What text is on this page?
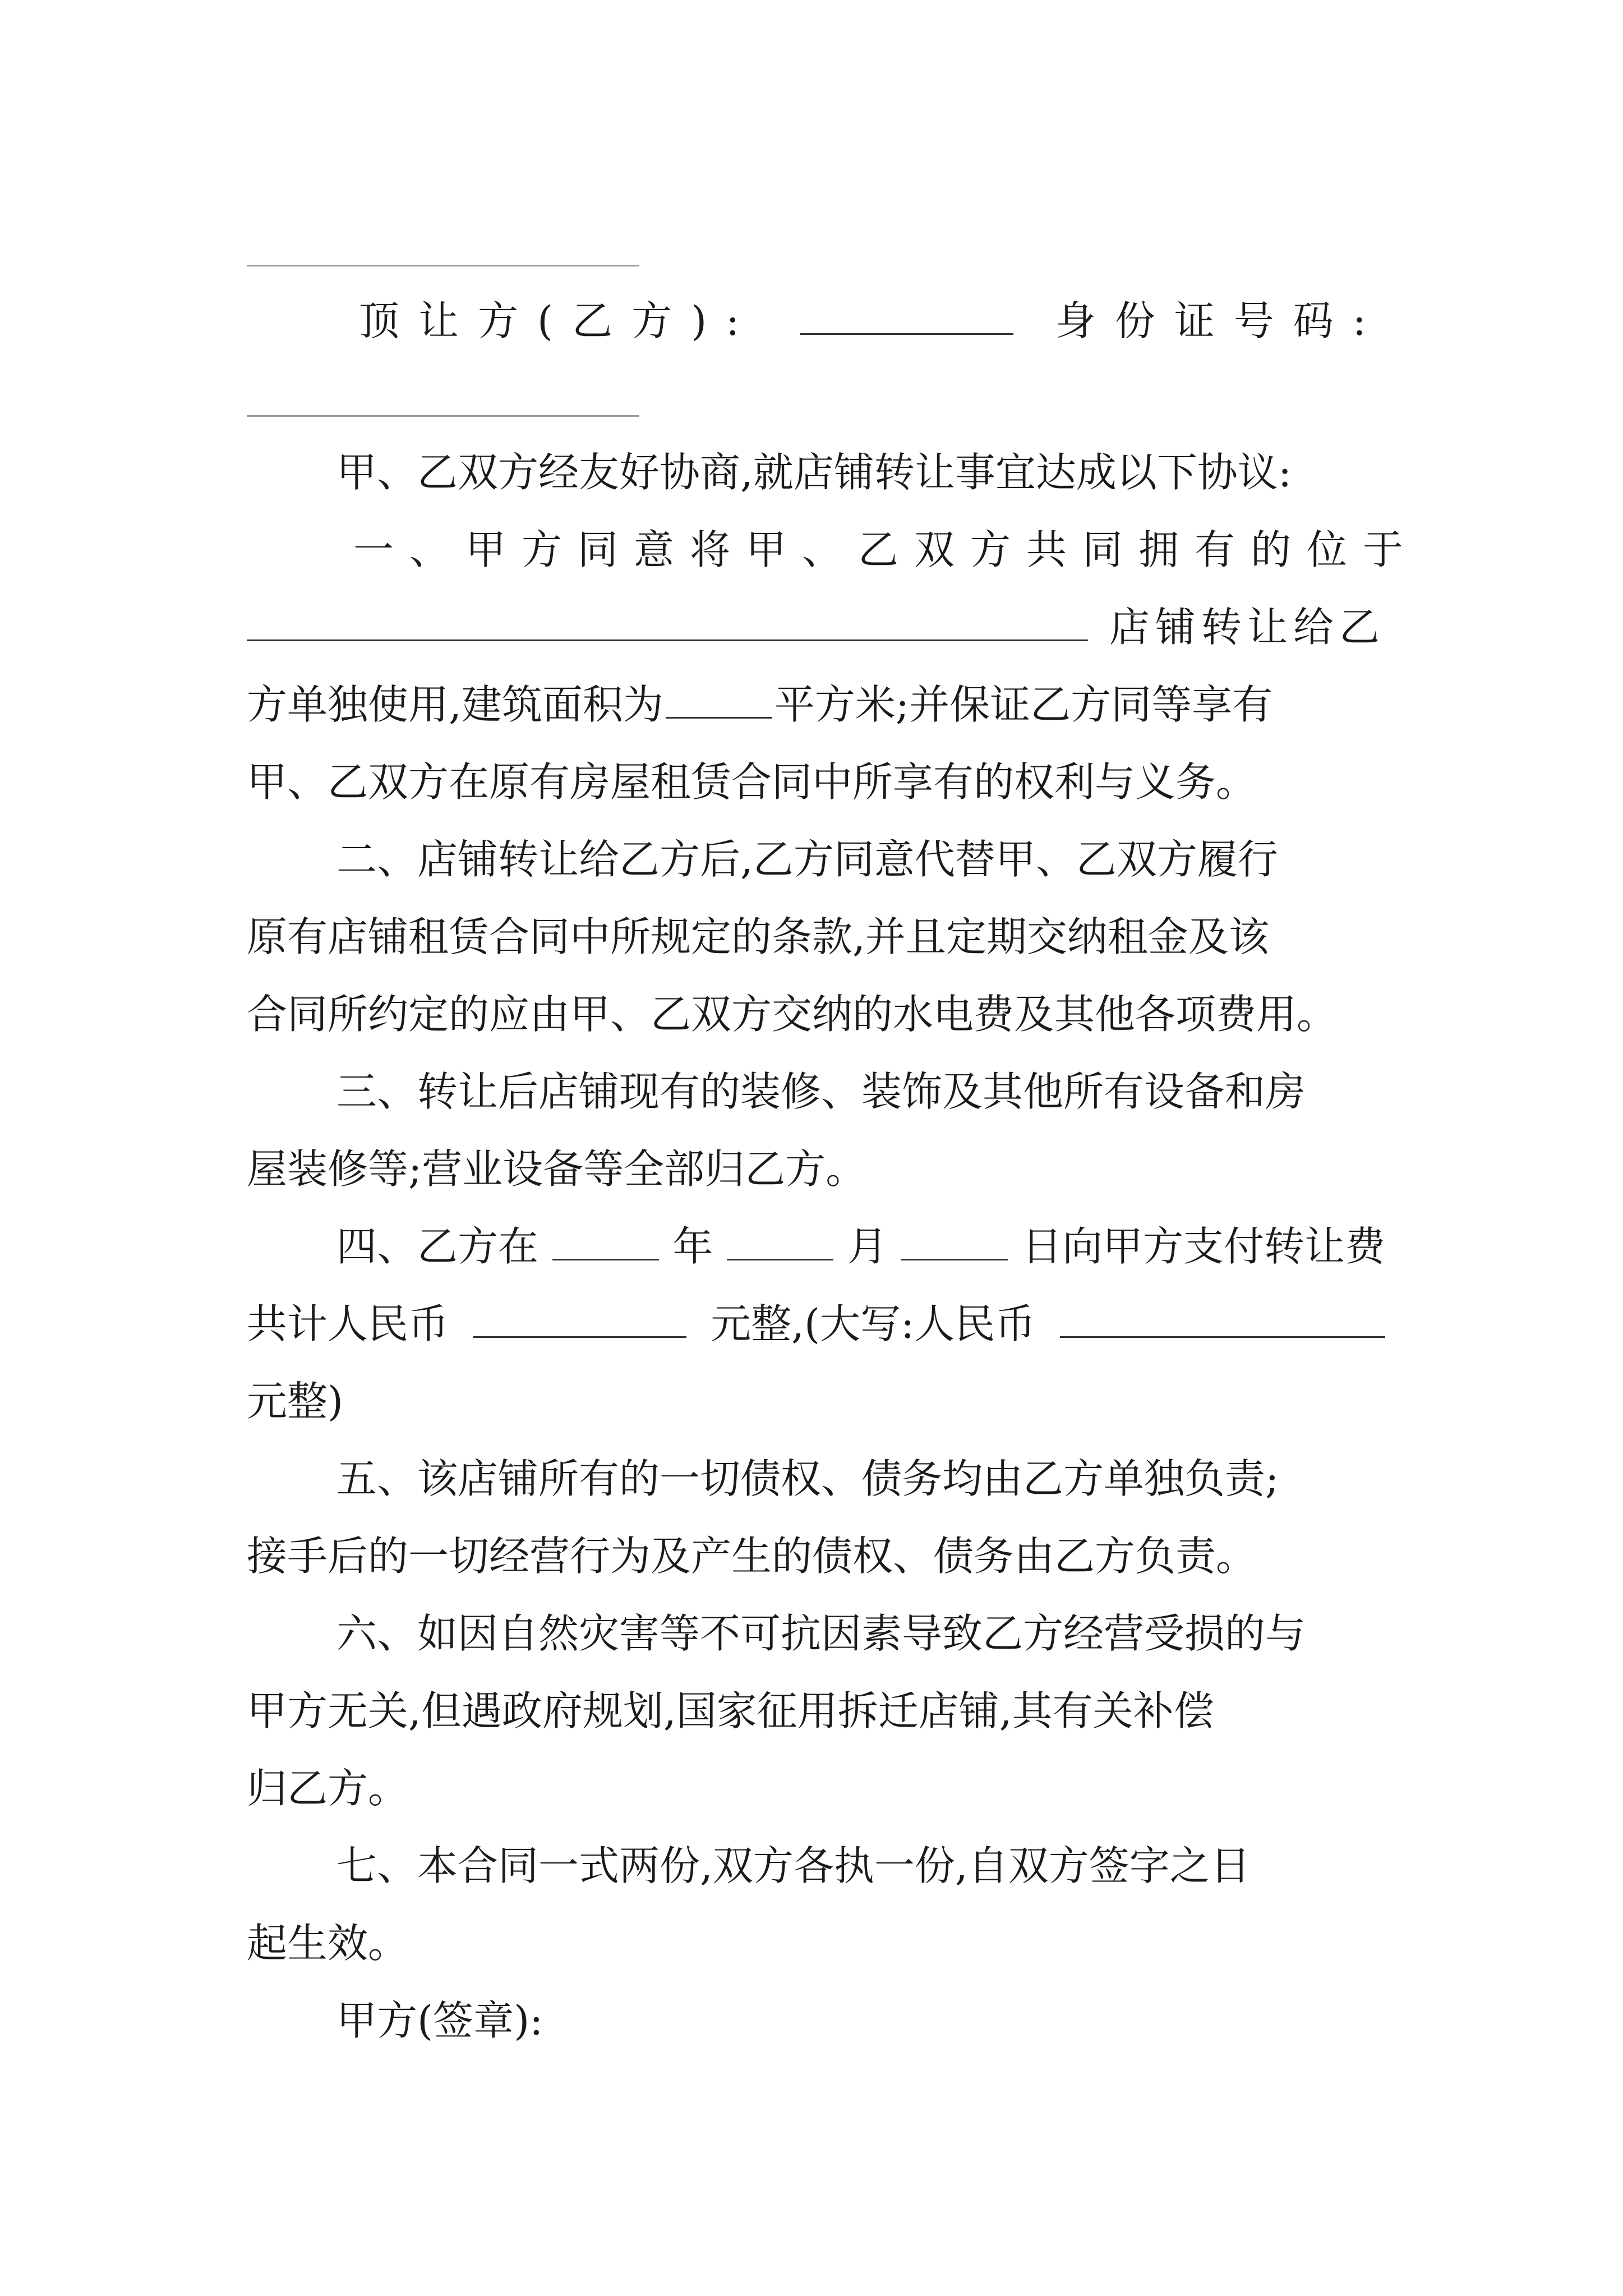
顶让方(乙方):	身份证号码:
甲、乙双方经友好协商,就店铺转让事宜达成以下协议:
一、甲方同意将甲、乙双方共同拥有的位于
店铺转让给乙
方单独使用,建筑面积为	平方米;并保证乙方同等享有
甲、乙双方在原有房屋租赁合同中所享有的权利与义务。
二、店铺转让给乙方后,乙方同意代替甲、乙双方履行
原有店铺租赁合同中所规定的条款,并且定期交纳租金及该
合同所约定的应由甲、乙双方交纳的水电费及其他各项费用。
三、转让后店铺现有的装修、装饰及其他所有设备和房
屋装修等;营业设备等全部归乙方。
四、乙方在	年	月	日向甲方支付转让费
共计人民币	元整,(大写:人民币
元整)
五、该店铺所有的一切债权、债务均由乙方单独负责;
接手后的一切经营行为及产生的债权、债务由乙方负责。
六、如因自然灾害等不可抗因素导致乙方经营受损的与
甲方无关,但遇政府规划,国家征用拆迁店铺,其有关补偿
归乙方。
七、本合同一式两份,双方各执一份,自双方签字之日
起生效。
甲方(签章):
